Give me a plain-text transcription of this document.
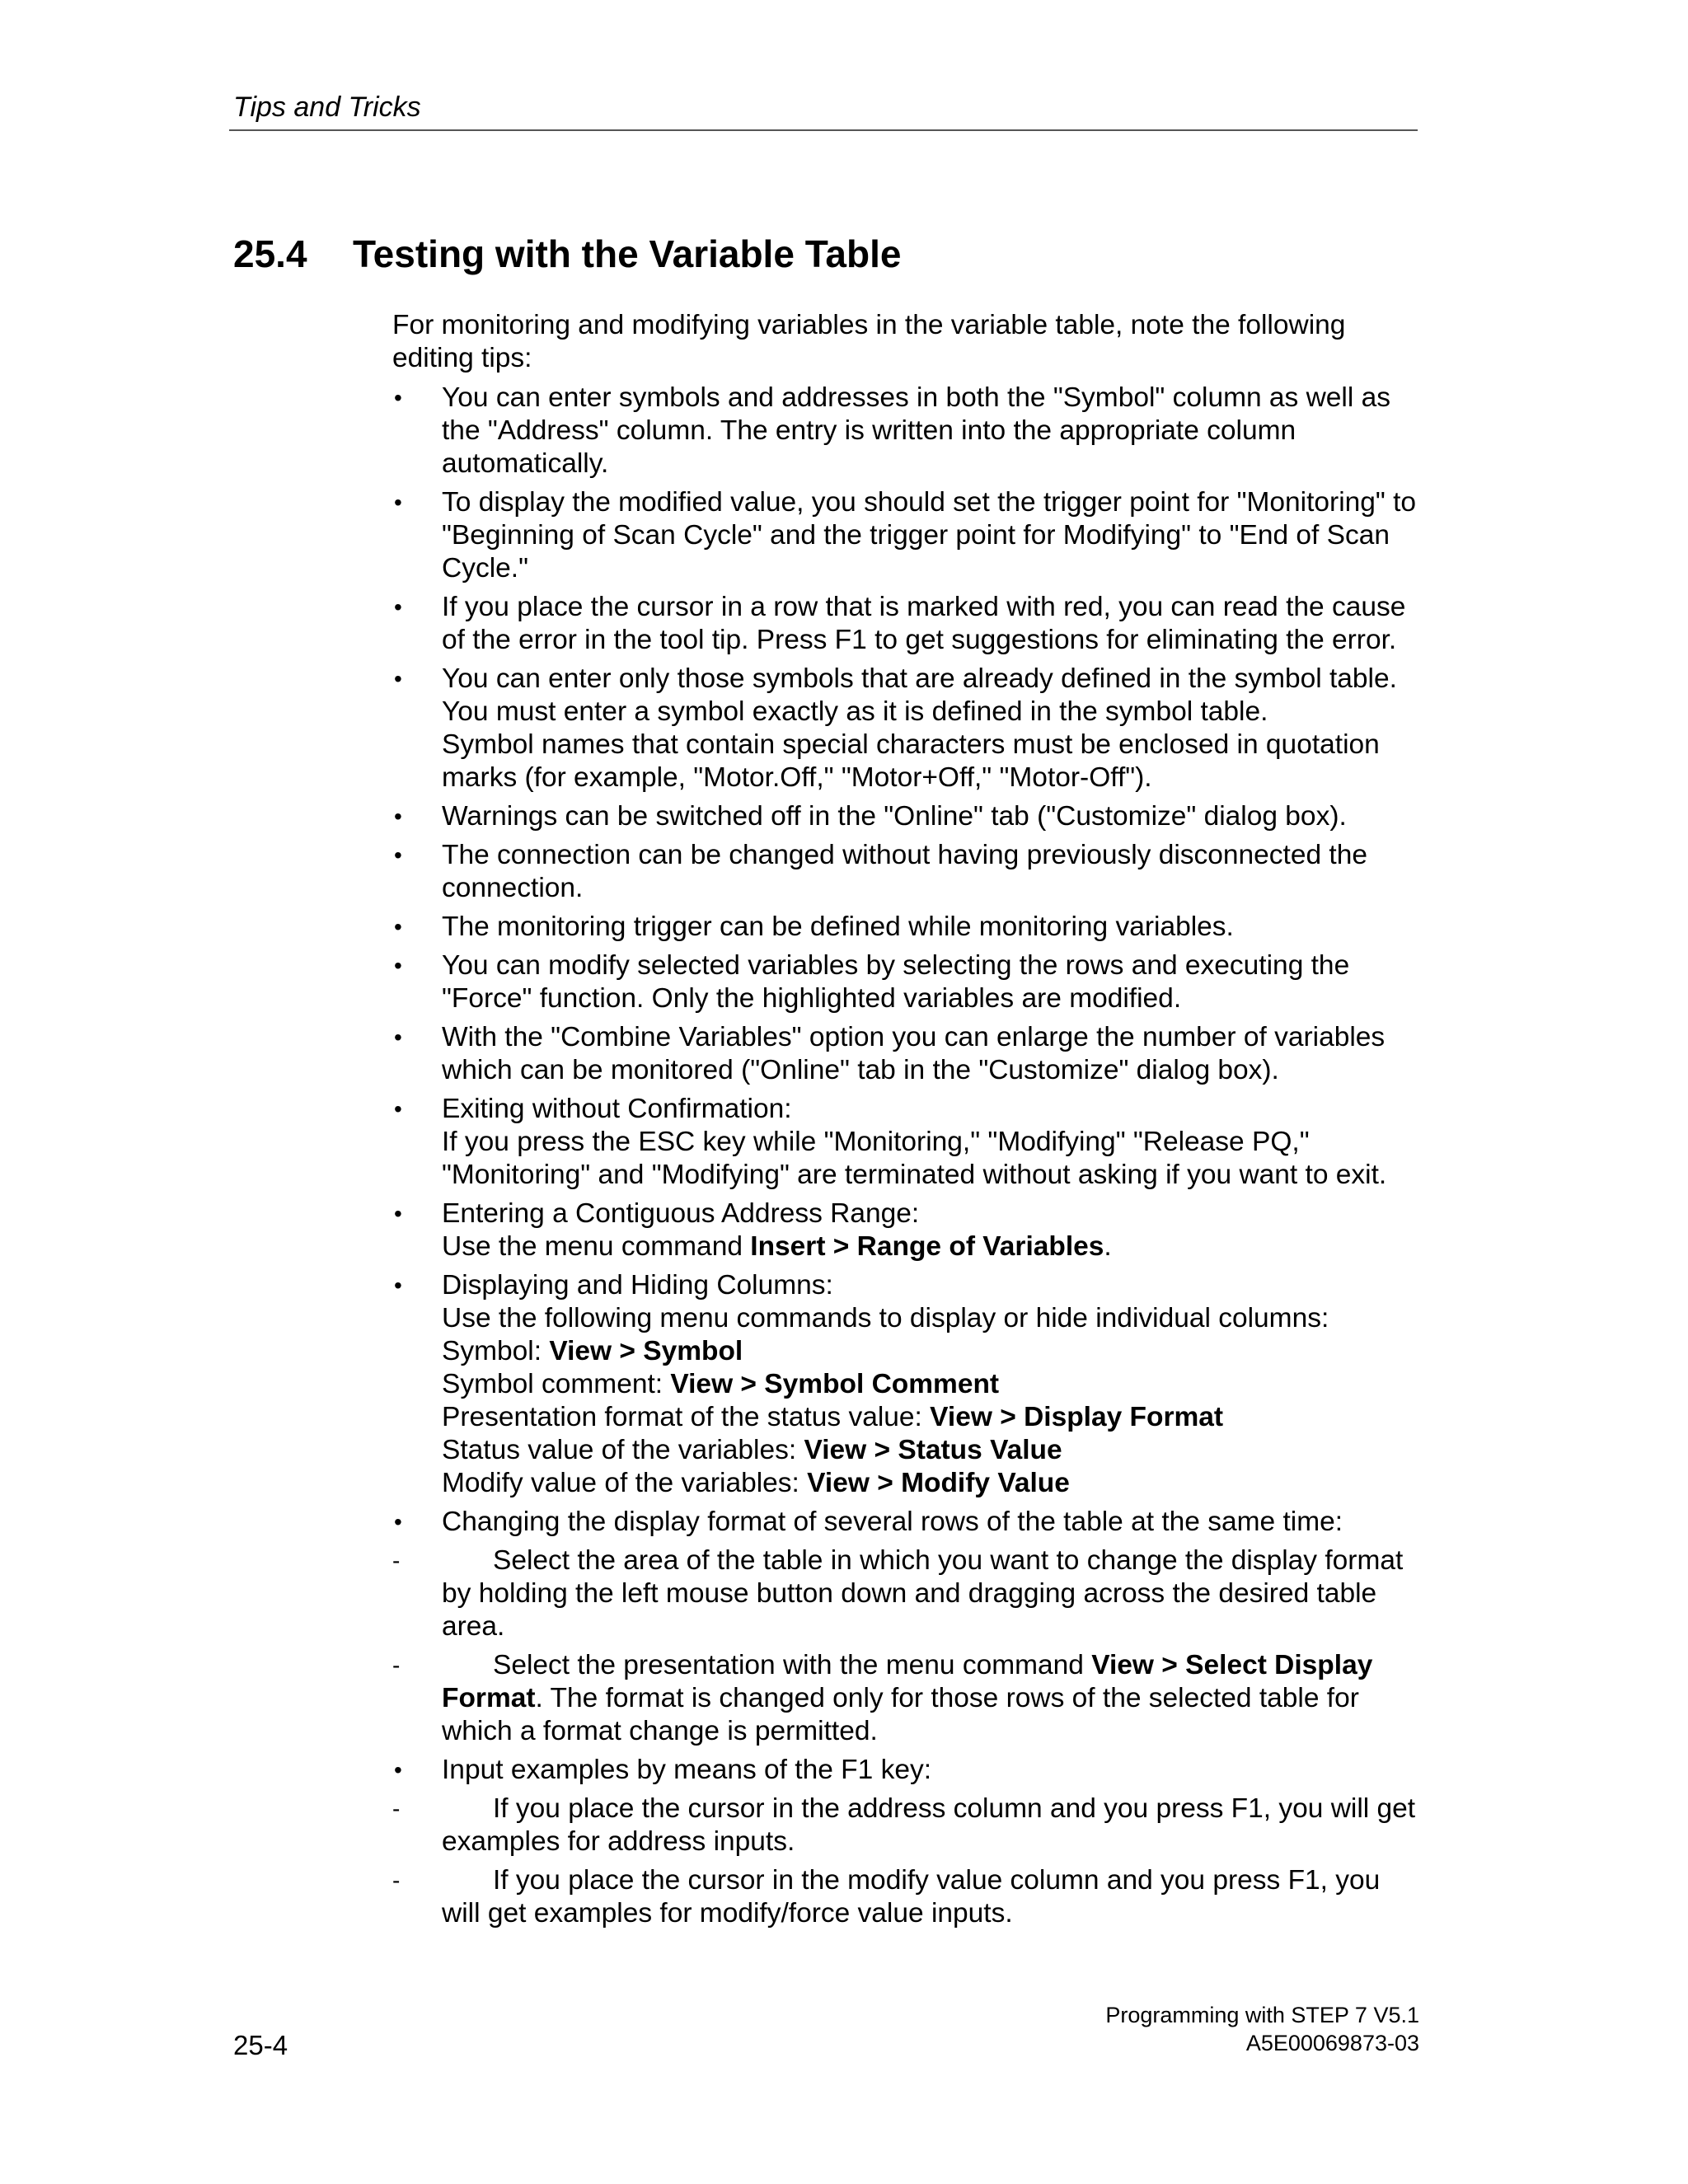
Tips and Tricks
25.4 Testing with the Variable Table

For monitoring and modifying variables in the variable table, note the following editing tips:

•	You can enter symbols and addresses in both the "Symbol" column as well as the "Address" column. The entry is written into the appropriate column automatically.
•	To display the modified value, you should set the trigger point for "Monitoring" to "Beginning of Scan Cycle" and the trigger point for Modifying" to "End of Scan Cycle."
•	If you place the cursor in a row that is marked with red, you can read the cause of the error in the tool tip. Press F1 to get suggestions for eliminating the error.
•	You can enter only those symbols that are already defined in the symbol table.
You must enter a symbol exactly as it is defined in the symbol table.
Symbol names that contain special characters must be enclosed in quotation marks (for example, "Motor.Off," "Motor+Off," "Motor-Off").
•	Warnings can be switched off in the "Online" tab ("Customize" dialog box).
•	The connection can be changed without having previously disconnected the connection.
•	The monitoring trigger can be defined while monitoring variables.
•	You can modify selected variables by selecting the rows and executing the "Force" function. Only the highlighted variables are modified.
•	With the "Combine Variables" option you can enlarge the number of variables which can be monitored ("Online" tab in the "Customize" dialog box).
•	Exiting without Confirmation:
If you press the ESC key while "Monitoring," "Modifying" "Release PQ," "Monitoring" and "Modifying" are terminated without asking if you want to exit.
•	Entering a Contiguous Address Range:
Use the menu command Insert > Range of Variables.
•	Displaying and Hiding Columns:
Use the following menu commands to display or hide individual columns:
Symbol: View > Symbol
Symbol comment: View > Symbol Comment
Presentation format of the status value: View > Display Format
Status value of the variables: View > Status Value
Modify value of the variables: View > Modify Value
•	Changing the display format of several rows of the table at the same time:
-	Select the area of the table in which you want to change the display format by holding the left mouse button down and dragging across the desired table area.
-	Select the presentation with the menu command View > Select Display Format. The format is changed only for those rows of the selected table for which a format change is permitted.
•	Input examples by means of the F1 key:
-	If you place the cursor in the address column and you press F1, you will get examples for address inputs.
-	If you place the cursor in the modify value column and you press F1, you will get examples for modify/force value inputs.
Programming with STEP 7 V5.1
A5E00069873-03
25-4
